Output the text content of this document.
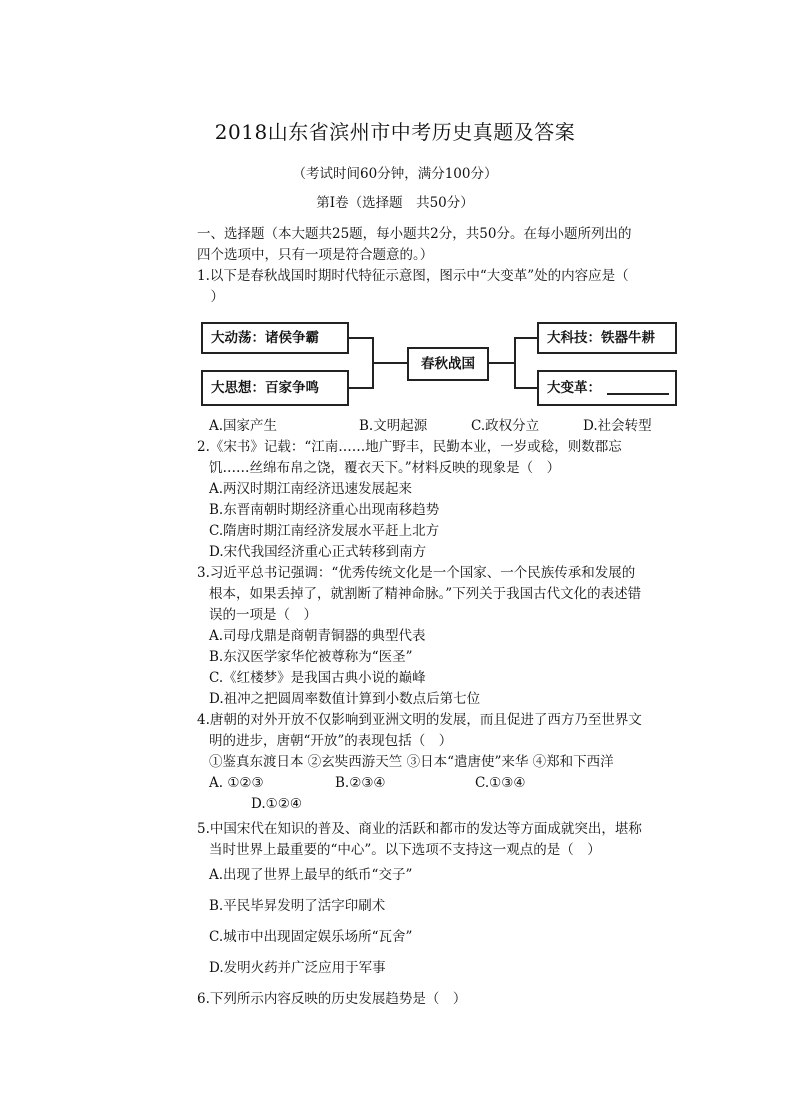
2018山东省滨州市中考历史真题及答案
（考试时间60分钟，满分100分）
第Ⅰ卷（选择题　共50分）
一、选择题（本大题共25题，每小题共2分，共50分。在每小题所列出的
四个选项中，只有一项是符合题意的。）
1.以下是春秋战国时期时代特征示意图，图示中“大变革”处的内容应是（
　）
大动荡：诸侯争霸
大思想：百家争鸣
春秋战国
大科技：铁器牛耕
大变革：
A.国家产生	B.文明起源	C.政权分立	D.社会转型
2.《宋书》记载：“江南……地广野丰，民勤本业，一岁或稔，则数郡忘
饥……丝绵布帛之饶，覆衣天下。”材料反映的现象是（　）
A.两汉时期江南经济迅速发展起来
B.东晋南朝时期经济重心出现南移趋势
C.隋唐时期江南经济发展水平赶上北方
D.宋代我国经济重心正式转移到南方
3.习近平总书记强调：“优秀传统文化是一个国家、一个民族传承和发展的
根本，如果丢掉了，就割断了精神命脉。”下列关于我国古代文化的表述错
误的一项是（　）
A.司母戊鼎是商朝青铜器的典型代表
B.东汉医学家华佗被尊称为“医圣”
C.《红楼梦》是我国古典小说的巅峰
D.祖冲之把圆周率数值计算到小数点后第七位
4.唐朝的对外开放不仅影响到亚洲文明的发展，而且促进了西方乃至世界文
明的进步，唐朝“开放”的表现包括（　）
①鉴真东渡日本 ②玄奘西游天竺 ③日本“遣唐使”来华 ④郑和下西洋
A. ①②③	B.②③④	C.①③④
D.①②④
5.中国宋代在知识的普及、商业的活跃和都市的发达等方面成就突出，堪称
当时世界上最重要的“中心”。以下选项不支持这一观点的是（　）
A.出现了世界上最早的纸币“交子”
B.平民毕昇发明了活字印刷术
C.城市中出现固定娱乐场所“瓦舍”
D.发明火药并广泛应用于军事
6.下列所示内容反映的历史发展趋势是（　）
